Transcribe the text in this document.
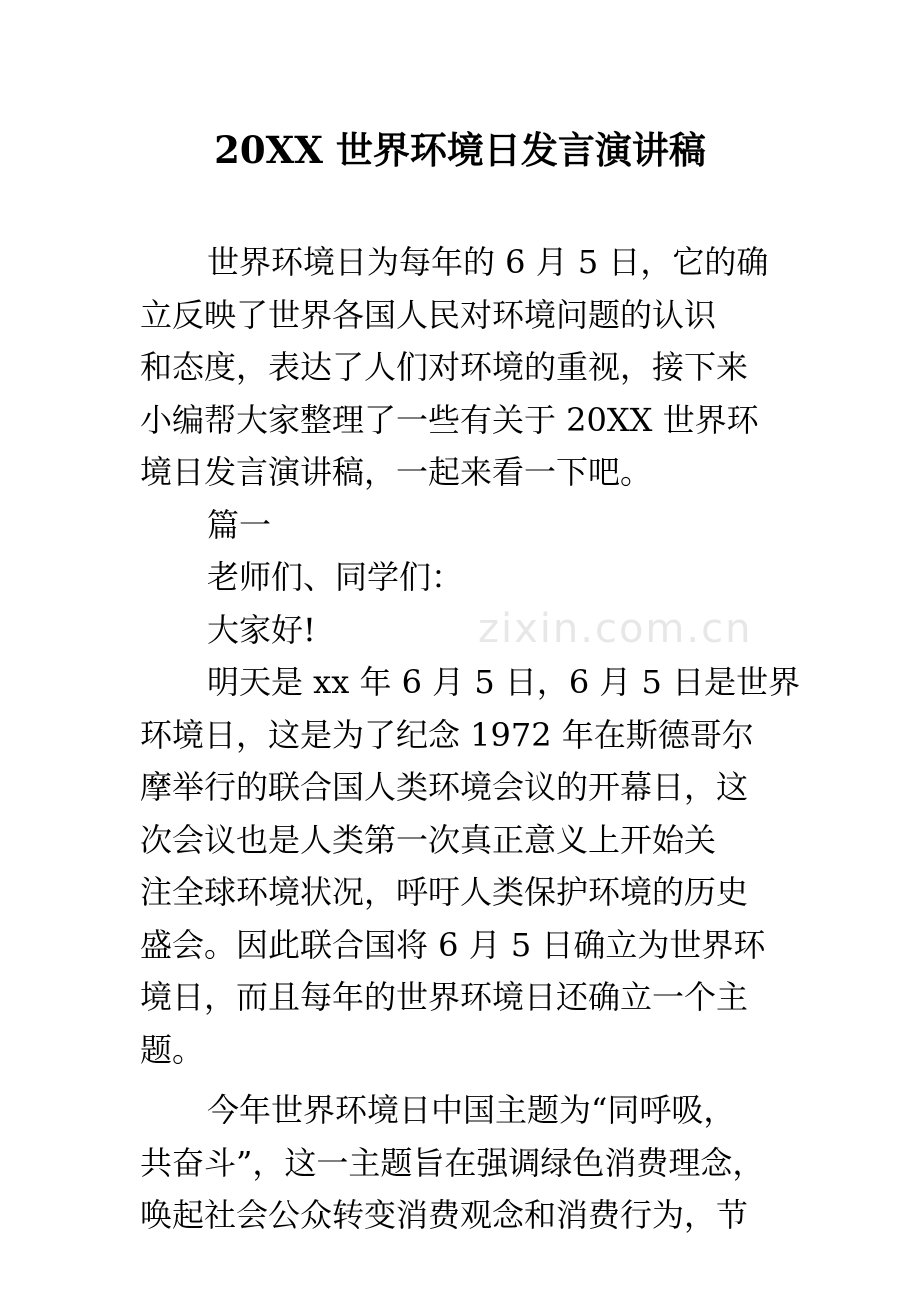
20XX 世界环境日发言演讲稿
zixin.com.cn
世界环境日为每年的 6 月 5 日，它的确
立反映了世界各国人民对环境问题的认识
和态度，表达了人们对环境的重视，接下来
小编帮大家整理了一些有关于 20XX 世界环
境日发言演讲稿，一起来看一下吧。
篇一
老师们、同学们：
大家好!
明天是 xx 年 6 月 5 日，6 月 5 日是世界
环境日，这是为了纪念 1972 年在斯德哥尔
摩举行的联合国人类环境会议的开幕日，这
次会议也是人类第一次真正意义上开始关
注全球环境状况，呼吁人类保护环境的历史
盛会。因此联合国将 6 月 5 日确立为世界环
境日，而且每年的世界环境日还确立一个主
题。
今年世界环境日中国主题为“同呼吸，
共奋斗”，这一主题旨在强调绿色消费理念，
唤起社会公众转变消费观念和消费行为，节
